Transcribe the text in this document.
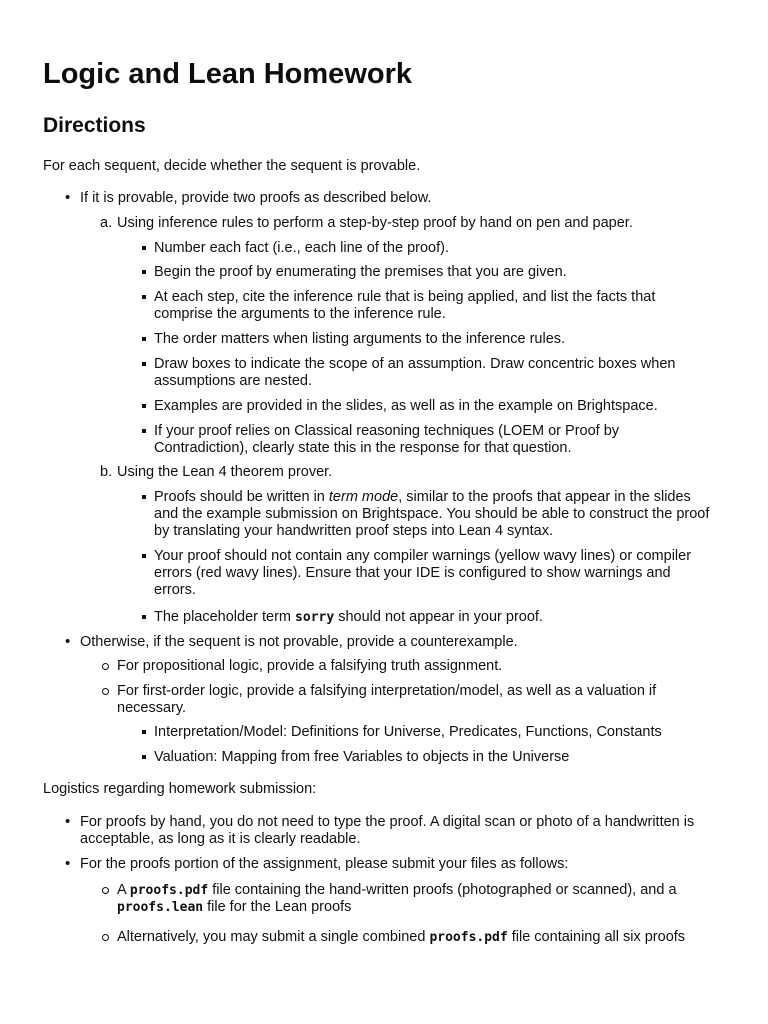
Logic and Lean Homework
Directions
For each sequent, decide whether the sequent is provable.
• If it is provable, provide two proofs as described below.
a. Using inference rules to perform a step-by-step proof by hand on pen and paper.
Number each fact (i.e., each line of the proof).
Begin the proof by enumerating the premises that you are given.
At each step, cite the inference rule that is being applied, and list the facts that
comprise the arguments to the inference rule.
The order matters when listing arguments to the inference rules.
Draw boxes to indicate the scope of an assumption. Draw concentric boxes when
assumptions are nested.
Examples are provided in the slides, as well as in the example on Brightspace.
If your proof relies on Classical reasoning techniques (LOEM or Proof by
Contradiction), clearly state this in the response for that question.
b. Using the Lean 4 theorem prover.
Proofs should be written in term mode, similar to the proofs that appear in the slides
and the example submission on Brightspace. You should be able to construct the proof
by translating your handwritten proof steps into Lean 4 syntax.
Your proof should not contain any compiler warnings (yellow wavy lines) or compiler
errors (red wavy lines). Ensure that your IDE is configured to show warnings and
errors.
The placeholder term sorry should not appear in your proof.
• Otherwise, if the sequent is not provable, provide a counterexample.
For propositional logic, provide a falsifying truth assignment.
For first-order logic, provide a falsifying interpretation/model, as well as a valuation if
necessary.
Interpretation/Model: Definitions for Universe, Predicates, Functions, Constants
Valuation: Mapping from free Variables to objects in the Universe
Logistics regarding homework submission:
• For proofs by hand, you do not need to type the proof. A digital scan or photo of a handwritten is
acceptable, as long as it is clearly readable.
• For the proofs portion of the assignment, please submit your files as follows:
A proofs.pdf file containing the hand-written proofs (photographed or scanned), and a
proofs.lean file for the Lean proofs
Alternatively, you may submit a single combined proofs.pdf file containing all six proofs
